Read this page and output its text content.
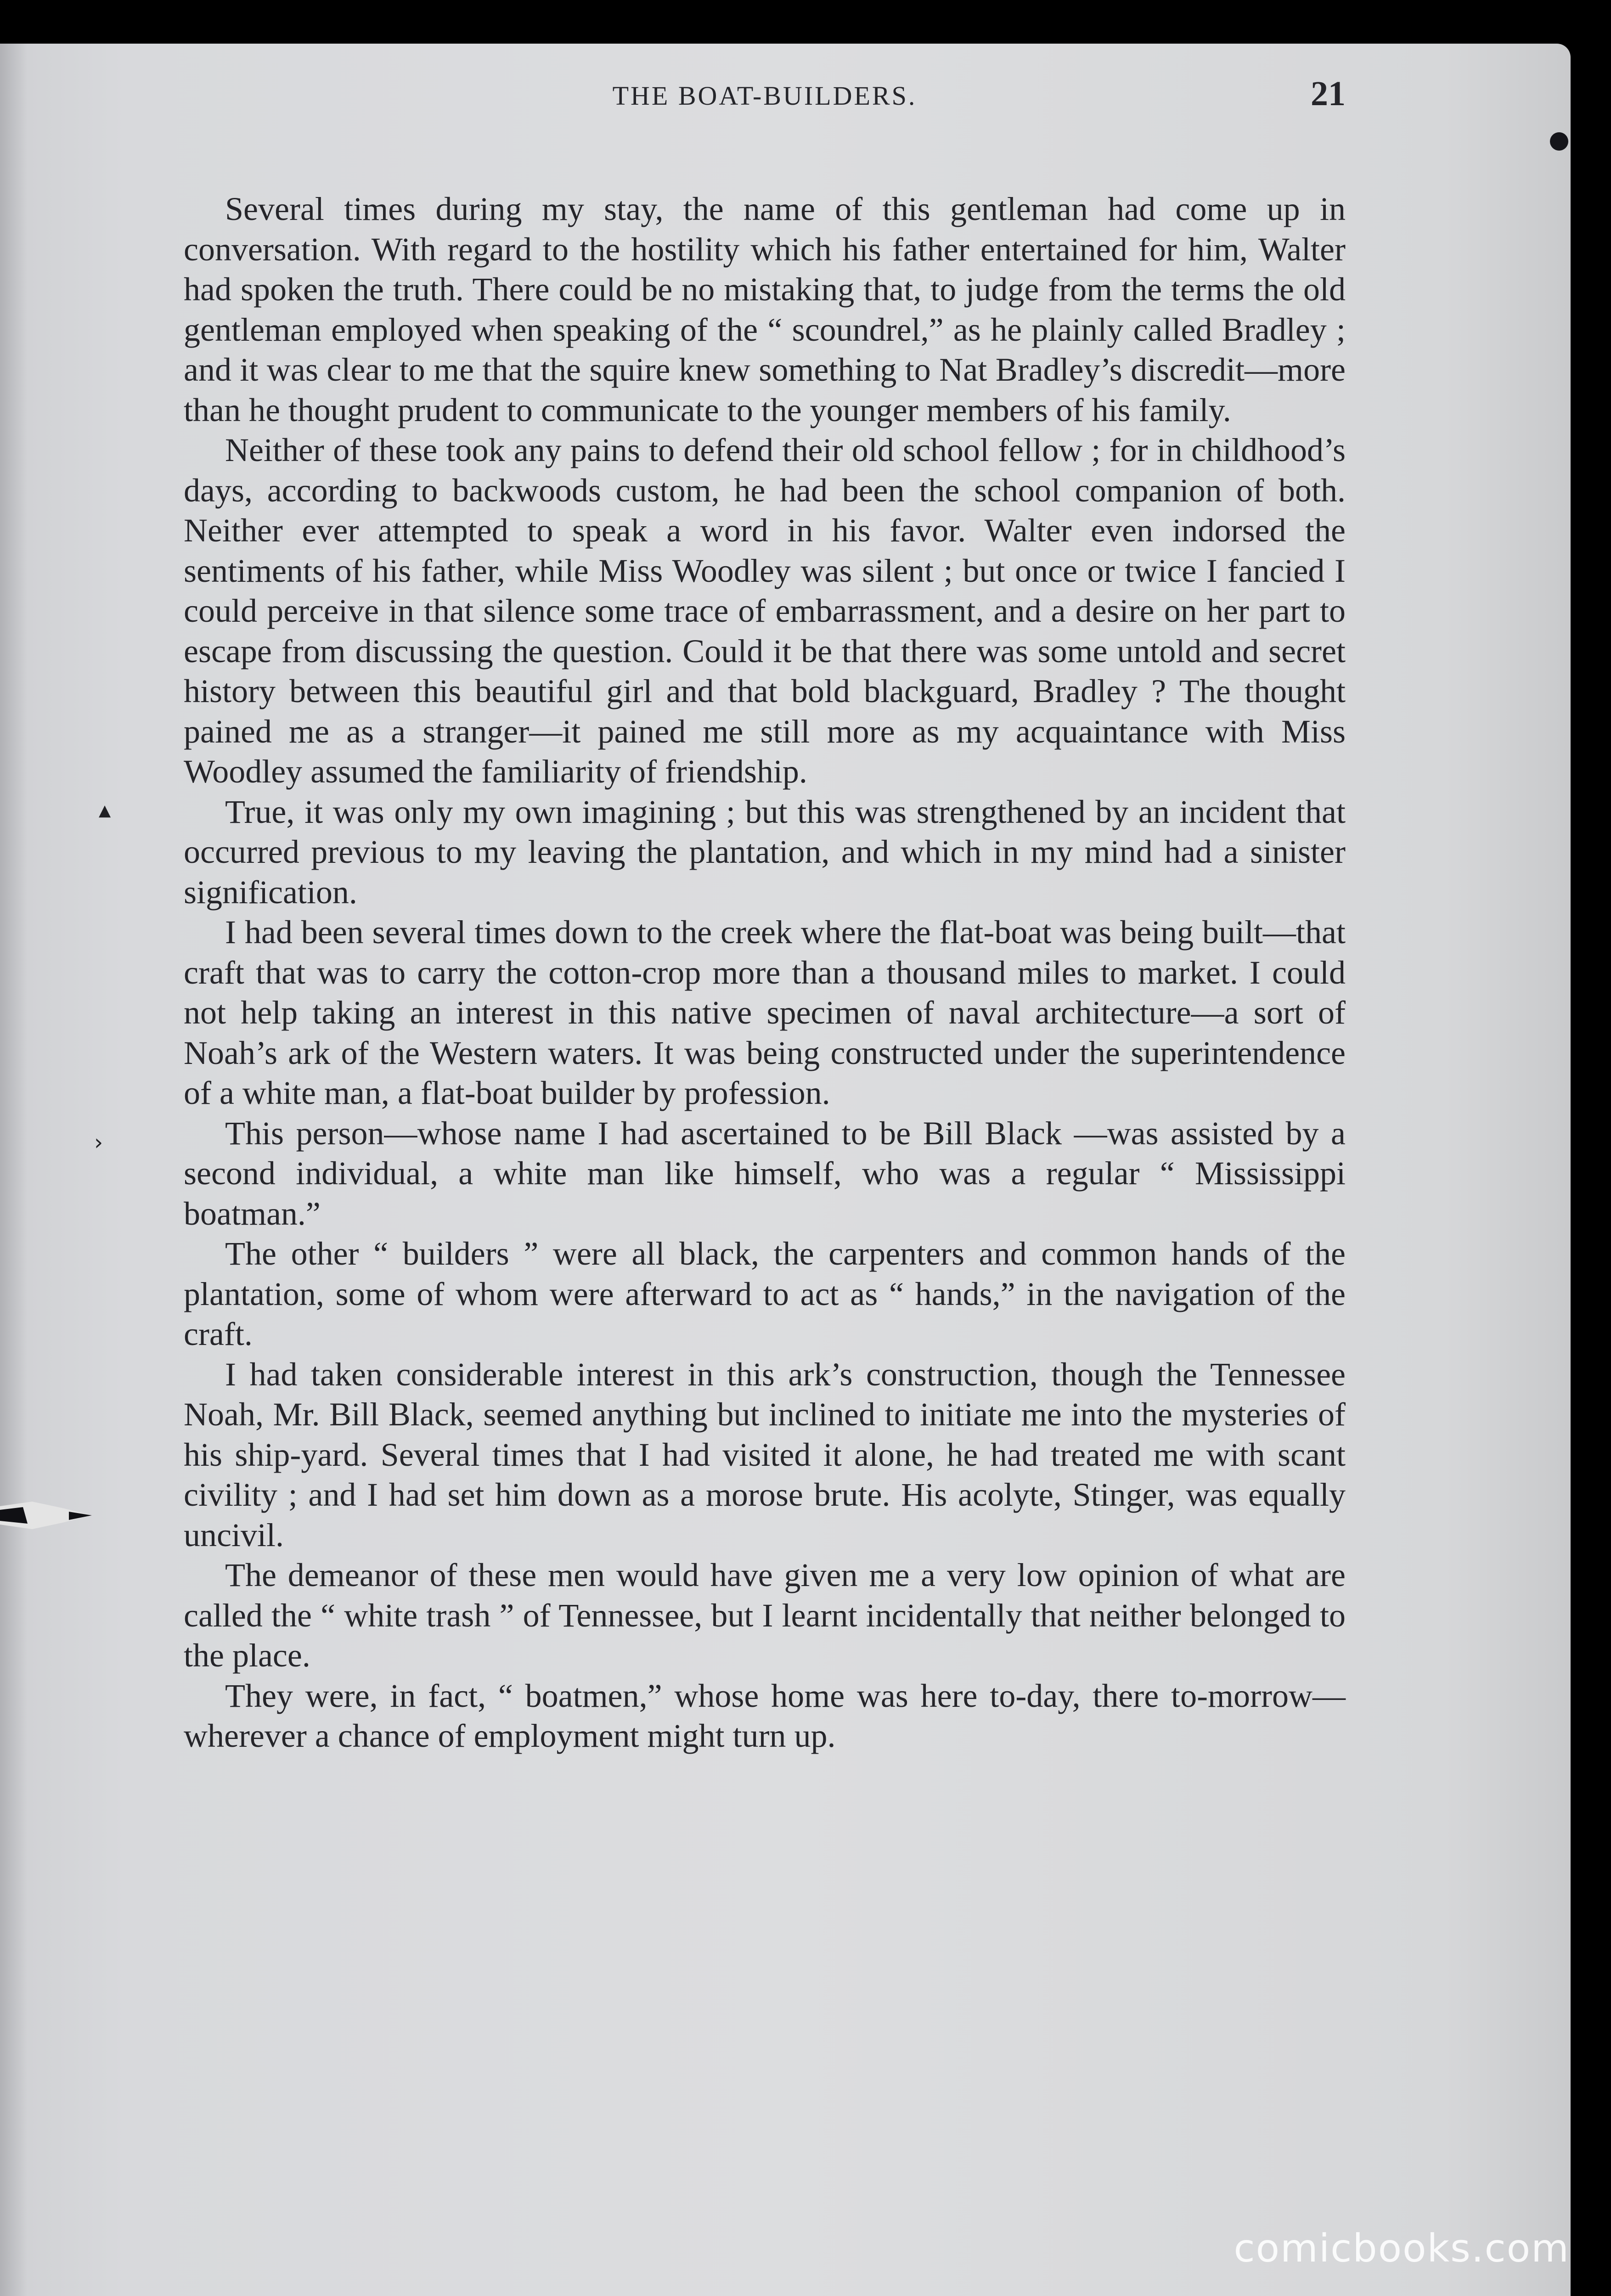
THE BOAT-BUILDERS.	21

Several times during my stay, the name of this gentleman had come up in conversation. With regard to the hostility which his father entertained for him, Walter had spoken the truth. There could be no mistaking that, to judge from the terms the old gentleman employed when speaking of the “ scoundrel,” as he plainly called Bradley ; and it was clear to me that the squire knew something to Nat Bradley’s discredit—more than he thought prudent to communicate to the younger members of his family.

Neither of these took any pains to defend their old school fellow ; for in childhood’s days, according to backwoods custom, he had been the school companion of both. Neither ever attempted to speak a word in his favor. Walter even indorsed the sentiments of his father, while Miss Woodley was silent ; but once or twice I fancied I could perceive in that silence some trace of embarrassment, and a desire on her part to escape from discussing the question. Could it be that there was some untold and secret history between this beautiful girl and that bold blackguard, Bradley ? The thought pained me as a stranger—it pained me still more as my acquaintance with Miss Woodley assumed the familiarity of friendship.

True, it was only my own imagining ; but this was strengthened by an incident that occurred previous to my leaving the plantation, and which in my mind had a sinister signification.

I had been several times down to the creek where the flat-boat was being built—that craft that was to carry the cotton-crop more than a thousand miles to market. I could not help taking an interest in this native specimen of naval architecture—a sort of Noah’s ark of the Western waters. It was being constructed under the superintendence of a white man, a flat-boat builder by profession.

This person—whose name I had ascertained to be Bill Black —was assisted by a second individual, a white man like himself, who was a regular “ Mississippi boatman.”

The other “ builders ” were all black, the carpenters and common hands of the plantation, some of whom were afterward to act as “ hands,” in the navigation of the craft.

I had taken considerable interest in this ark’s construction, though the Tennessee Noah, Mr. Bill Black, seemed anything but inclined to initiate me into the mysteries of his ship-yard. Several times that I had visited it alone, he had treated me with scant civility ; and I had set him down as a morose brute. His acolyte, Stinger, was equally uncivil.

The demeanor of these men would have given me a very low opinion of what are called the “ white trash ” of Tennessee, but I learnt incidentally that neither belonged to the place.

They were, in fact, “ boatmen,” whose home was here to-day, there to-morrow—wherever a chance of employment might turn up.

▲
›
comicbooks.com
